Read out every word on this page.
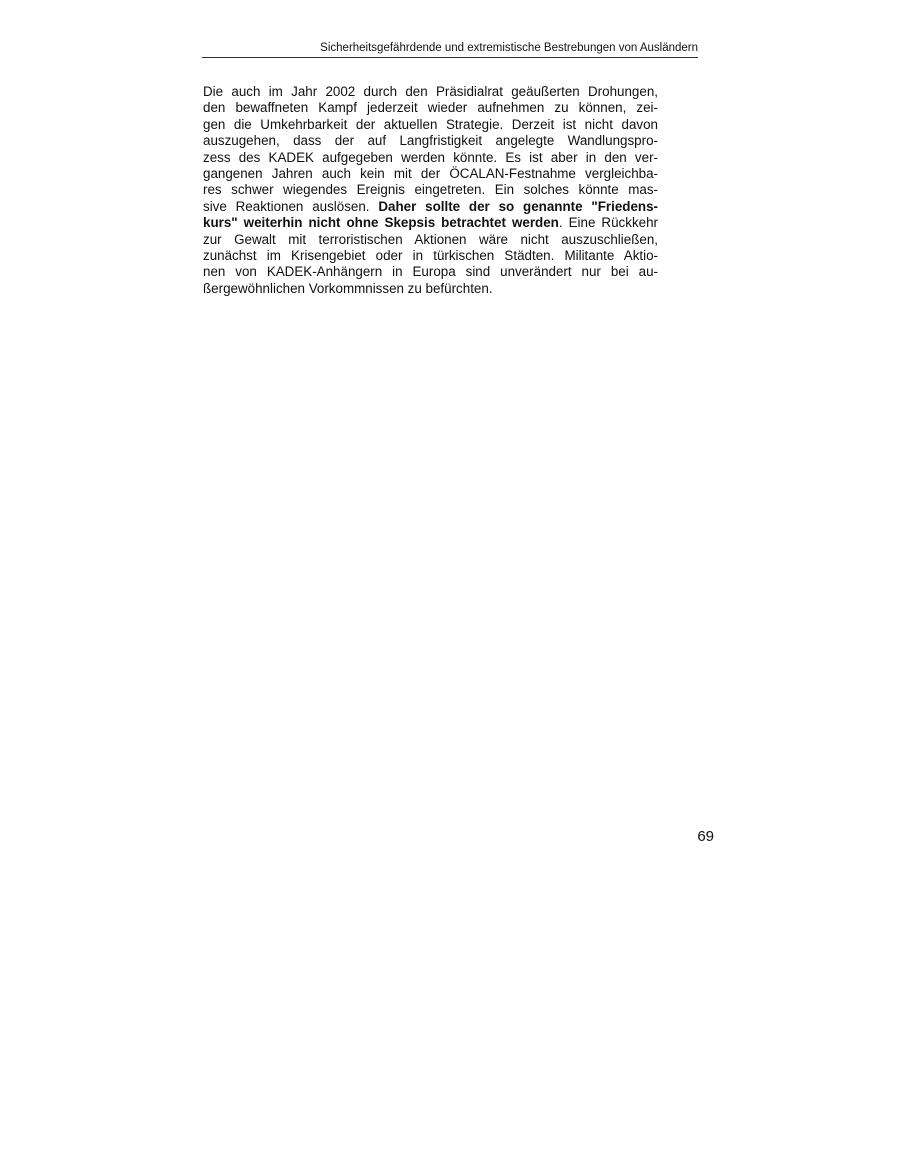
Sicherheitsgefährdende und extremistische Bestrebungen von Ausländern
Die auch im Jahr 2002 durch den Präsidialrat geäußerten Drohungen,
den bewaffneten Kampf jederzeit wieder aufnehmen zu können, zei-
gen die Umkehrbarkeit der aktuellen Strategie. Derzeit ist nicht davon
auszugehen, dass der auf Langfristigkeit angelegte Wandlungspro-
zess des KADEK aufgegeben werden könnte. Es ist aber in den ver-
gangenen Jahren auch kein mit der ÖCALAN-Festnahme vergleichba-
res schwer wiegendes Ereignis eingetreten. Ein solches könnte mas-
sive Reaktionen auslösen. Daher sollte der so genannte "Friedens-
kurs" weiterhin nicht ohne Skepsis betrachtet werden. Eine Rückkehr
zur Gewalt mit terroristischen Aktionen wäre nicht auszuschließen,
zunächst im Krisengebiet oder in türkischen Städten. Militante Aktio-
nen von KADEK-Anhängern in Europa sind unverändert nur bei au-
ßergewöhnlichen Vorkommnissen zu befürchten.
69
